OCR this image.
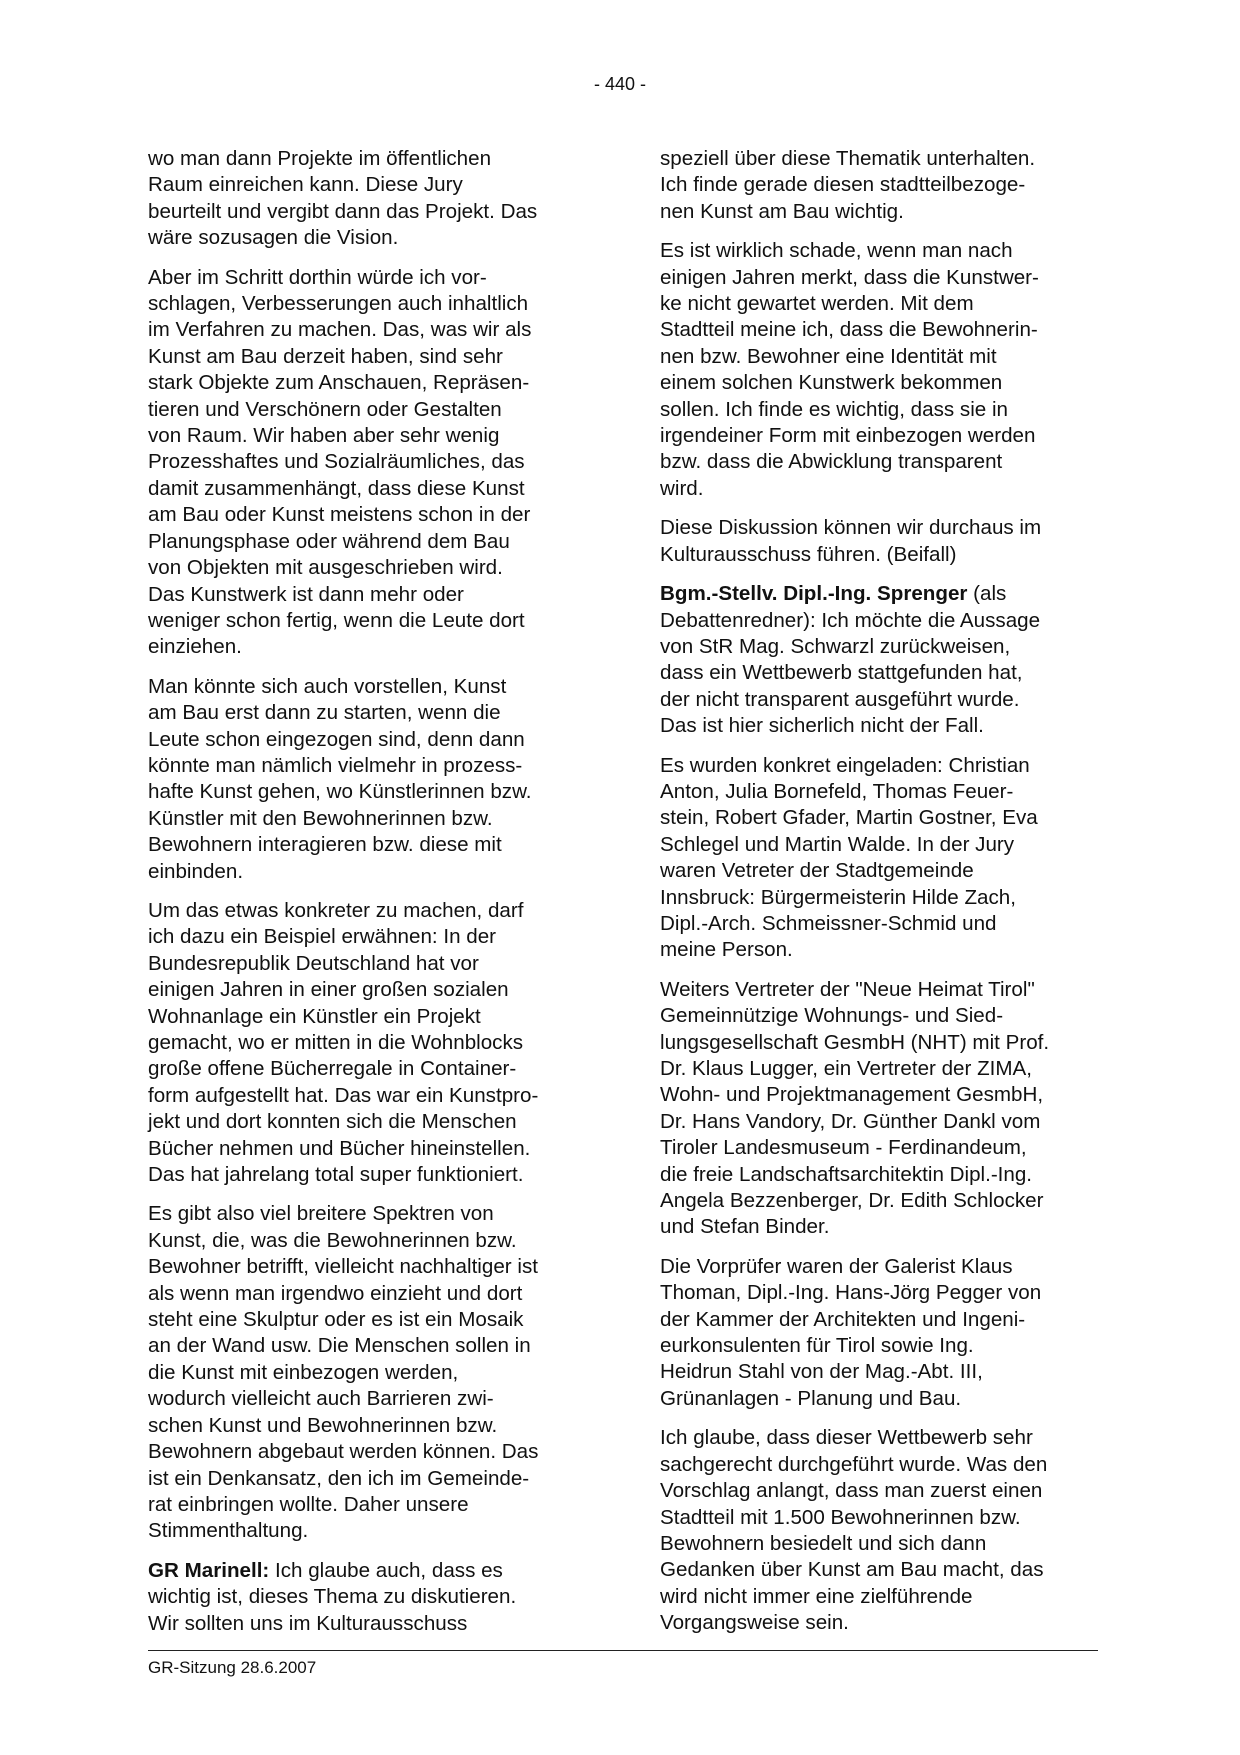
- 440 -

wo man dann Projekte im öffentlichen
Raum einreichen kann. Diese Jury
beurteilt und vergibt dann das Projekt. Das
wäre sozusagen die Vision.

Aber im Schritt dorthin würde ich vor-
schlagen, Verbesserungen auch inhaltlich
im Verfahren zu machen. Das, was wir als
Kunst am Bau derzeit haben, sind sehr
stark Objekte zum Anschauen, Repräsen-
tieren und Verschönern oder Gestalten
von Raum. Wir haben aber sehr wenig
Prozesshaftes und Sozialräumliches, das
damit zusammenhängt, dass diese Kunst
am Bau oder Kunst meistens schon in der
Planungsphase oder während dem Bau
von Objekten mit ausgeschrieben wird.
Das Kunstwerk ist dann mehr oder
weniger schon fertig, wenn die Leute dort
einziehen.

Man könnte sich auch vorstellen, Kunst
am Bau erst dann zu starten, wenn die
Leute schon eingezogen sind, denn dann
könnte man nämlich vielmehr in prozess-
hafte Kunst gehen, wo Künstlerinnen bzw.
Künstler mit den Bewohnerinnen bzw.
Bewohnern interagieren bzw. diese mit
einbinden.

Um das etwas konkreter zu machen, darf
ich dazu ein Beispiel erwähnen: In der
Bundesrepublik Deutschland hat vor
einigen Jahren in einer großen sozialen
Wohnanlage ein Künstler ein Projekt
gemacht, wo er mitten in die Wohnblocks
große offene Bücherregale in Container-
form aufgestellt hat. Das war ein Kunstpro-
jekt und dort konnten sich die Menschen
Bücher nehmen und Bücher hineinstellen.
Das hat jahrelang total super funktioniert.

Es gibt also viel breitere Spektren von
Kunst, die, was die Bewohnerinnen bzw.
Bewohner betrifft, vielleicht nachhaltiger ist
als wenn man irgendwo einzieht und dort
steht eine Skulptur oder es ist ein Mosaik
an der Wand usw. Die Menschen sollen in
die Kunst mit einbezogen werden,
wodurch vielleicht auch Barrieren zwi-
schen Kunst und Bewohnerinnen bzw.
Bewohnern abgebaut werden können. Das
ist ein Denkansatz, den ich im Gemeinde-
rat einbringen wollte. Daher unsere
Stimmenthaltung.

GR Marinell: Ich glaube auch, dass es
wichtig ist, dieses Thema zu diskutieren.
Wir sollten uns im Kulturausschuss

speziell über diese Thematik unterhalten.
Ich finde gerade diesen stadtteilbezoge-
nen Kunst am Bau wichtig.

Es ist wirklich schade, wenn man nach
einigen Jahren merkt, dass die Kunstwer-
ke nicht gewartet werden. Mit dem
Stadtteil meine ich, dass die Bewohnerin-
nen bzw. Bewohner eine Identität mit
einem solchen Kunstwerk bekommen
sollen. Ich finde es wichtig, dass sie in
irgendeiner Form mit einbezogen werden
bzw. dass die Abwicklung transparent
wird.

Diese Diskussion können wir durchaus im
Kulturausschuss führen. (Beifall)

Bgm.-Stellv. Dipl.-Ing. Sprenger (als
Debattenredner): Ich möchte die Aussage
von StR Mag. Schwarzl zurückweisen,
dass ein Wettbewerb stattgefunden hat,
der nicht transparent ausgeführt wurde.
Das ist hier sicherlich nicht der Fall.

Es wurden konkret eingeladen: Christian
Anton, Julia Bornefeld, Thomas Feuer-
stein, Robert Gfader, Martin Gostner, Eva
Schlegel und Martin Walde. In der Jury
waren Vetreter der Stadtgemeinde
Innsbruck: Bürgermeisterin Hilde Zach,
Dipl.-Arch. Schmeissner-Schmid und
meine Person.

Weiters Vertreter der "Neue Heimat Tirol"
Gemeinnützige Wohnungs- und Sied-
lungsgesellschaft GesmbH (NHT) mit Prof.
Dr. Klaus Lugger, ein Vertreter der ZIMA,
Wohn- und Projektmanagement GesmbH,
Dr. Hans Vandory, Dr. Günther Dankl vom
Tiroler Landesmuseum - Ferdinandeum,
die freie Landschaftsarchitektin Dipl.-Ing.
Angela Bezzenberger, Dr. Edith Schlocker
und Stefan Binder.

Die Vorprüfer waren der Galerist Klaus
Thoman, Dipl.-Ing. Hans-Jörg Pegger von
der Kammer der Architekten und Ingeni-
eurkonsulenten für Tirol sowie Ing.
Heidrun Stahl von der Mag.-Abt. III,
Grünanlagen - Planung und Bau.

Ich glaube, dass dieser Wettbewerb sehr
sachgerecht durchgeführt wurde. Was den
Vorschlag anlangt, dass man zuerst einen
Stadtteil mit 1.500 Bewohnerinnen bzw.
Bewohnern besiedelt und sich dann
Gedanken über Kunst am Bau macht, das
wird nicht immer eine zielführende
Vorgangsweise sein.

GR-Sitzung 28.6.2007
